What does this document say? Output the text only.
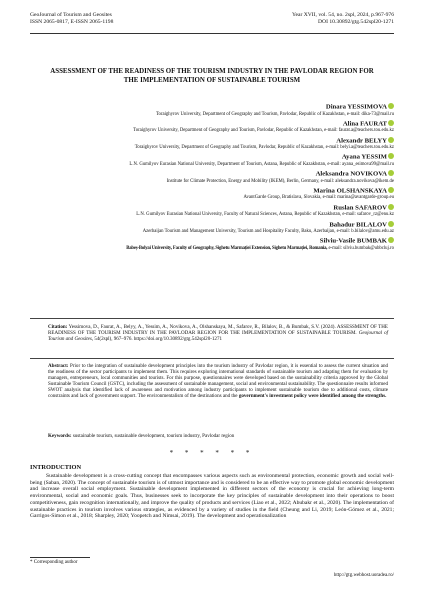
GeoJournal of Tourism and Geosites
ISSN 2065-0817, E-ISSN 2065-1198
Year XVII, vol. 54, no. 2spl, 2024, p.967-976
DOI 10.30892/gtg.542spl20-1271
ASSESSMENT OF THE READINESS OF THE TOURISM INDUSTRY IN THE PAVLODAR REGION FOR THE IMPLEMENTATION OF SUSTAINABLE TOURISM
Dinara YESSIMOVA
Toraighyrov University, Department of Geography and Tourism, Pavlodar, Republic of Kazakhstan, e-mail: dika-73@mail.ru
Alina FAURAT
Toraighyrov University, Department of Geography and Tourism, Pavlodar, Republic of Kazakhstan, e-mail: faurat.a@teachers.tou.edu.kz
Alexandr BELYY
Toraighyrov University, Department of Geography and Tourism, Pavlodar, Republic of Kazakhstan, e-mail: belyi.a@teachers.tou.edu.kz
Ayana YESSIM
L.N. Gumilyov Eurasian National University, Department of Tourism, Astana, Republic of Kazakhstan, e-mail: ayana_esimova99@mail.ru
Aleksandra NOVIKOVA
Institute for Climate Protection, Energy and Mobility (IKEM), Berlin, Germany, e-mail: aleksandra.novikova@ikem.de
Marina OLSHANSKAYA
AvantGarde Group, Bratislava, Slovakia, e-mail: marina@avantgarde-group.eu
Ruslan SAFAROV
L.N. Gumilyov Eurasian National University, Faculty of Natural Sciences, Astana, Republic of Kazakhstan, e-mail: safarov_rz@enu.kz
Bahadur BILALOV
Azerbaijan Tourism and Management University, Tourism and Hospitality Faculty, Baku, Azerbaijan, e-mail: b.bilalov@amu.edu.az
Silviu-Vasile BUMBAK
Babeș-Bolyai University, Faculty of Geography, Sighetu Marmației Extension, Sighetu Marmației, Romania, e-mail: silviu.bumbak@ubbcluj.ro
Citation: Yessimova, D., Faurat, A., Belyy, A., Yessim, A., Novikova, A., Olshanskaya, M., Safarov, R., Bilalov, B., & Bumbak, S.V. (2024). ASSESSMENT OF THE READINESS OF THE TOURISM INDUSTRY IN THE PAVLODAR REGION FOR THE IMPLEMENTATION OF SUSTAINABLE TOURISM. Geojournal of Tourism and Geosites, 54(2spl), 967–976. https://doi.org/10.30892/gtg.542spl20-1271
Abstract: Prior to the integration of sustainable development principles into the tourism industry of Pavlodar region, it is essential to assess the current situation and the readiness of the sector participants to implement them. This requires exploring international standards of sustainable tourism and adapting them for evaluation by managers, entrepreneurs, local communities and tourists. For this purpose, questionnaires were developed based on the sustainability criteria approved by the Global Sustainable Tourism Council (GSTC), including the assessment of sustainable management, social and environmental sustainability. The questionnaire results informed SWOT analysis that identified lack of awareness and motivation among industry participants to implement sustainable tourism due to additional costs, climate constraints and lack of government support. The environmentalism of the destinations and the government's investment policy were identified among the strengths.
Keywords: sustainable tourism, sustainable development, tourism industry, Pavlodar region
* * * * * *
INTRODUCTION
Sustainable development is a cross-cutting concept that encompasses various aspects such as environmental protection, economic growth and social well-being (Saban, 2020). The concept of sustainable tourism is of utmost importance and is considered to be an effective way to promote global economic development and increase overall social employment. Sustainable development implemented in different sectors of the economy is crucial for achieving long-term environmental, social and economic goals. Thus, businesses seek to incorporate the key principles of sustainable development into their operations to boost competitiveness, gain recognition internationally, and improve the quality of products and services (Liao et al., 2022; Abubakr et al., 2020). The implementation of sustainable practices in tourism involves various strategies, as evidenced by a variety of studies in the field (Cheung and Li, 2019; León-Gómez et al., 2021; Garrigos-Simon et al., 2018; Sharpley, 2020; Yoopetch and Nimsai, 2019). The development and operationalization
* Corresponding author
http://gtg.webhost.uoradea.ro/
